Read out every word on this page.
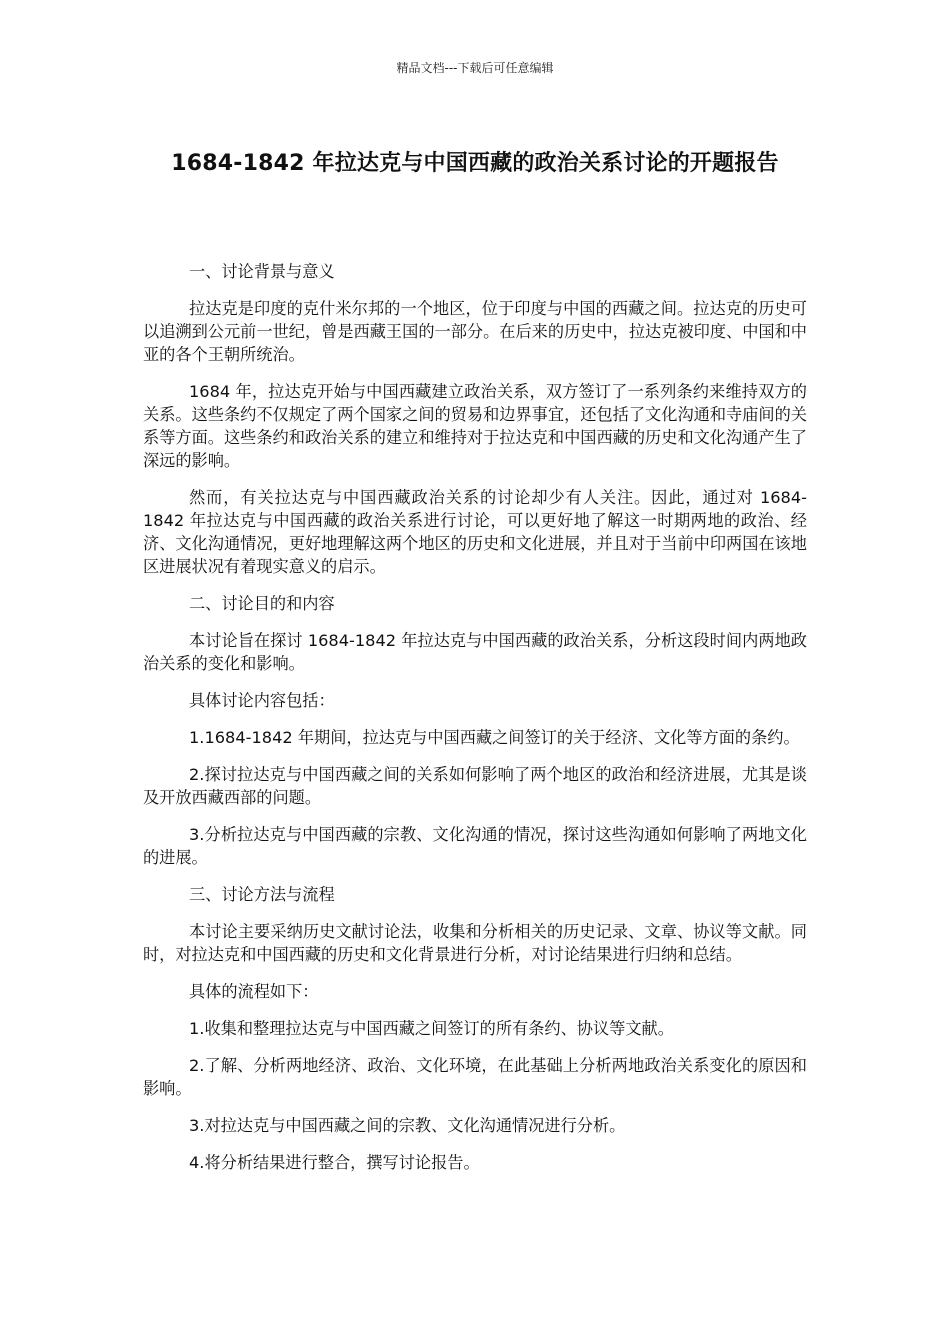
精品文档---下载后可任意编辑
1684-1842 年拉达克与中国西藏的政治关系讨论的开题报告

一、讨论背景与意义

拉达克是印度的克什米尔邦的一个地区，位于印度与中国的西藏之间。拉达克的历史可以追溯到公元前一世纪，曾是西藏王国的一部分。在后来的历史中，拉达克被印度、中国和中亚的各个王朝所统治。

1684 年，拉达克开始与中国西藏建立政治关系，双方签订了一系列条约来维持双方的关系。这些条约不仅规定了两个国家之间的贸易和边界事宜，还包括了文化沟通和寺庙间的关系等方面。这些条约和政治关系的建立和维持对于拉达克和中国西藏的历史和文化沟通产生了深远的影响。

然而，有关拉达克与中国西藏政治关系的讨论却少有人关注。因此，通过对 1684-1842 年拉达克与中国西藏的政治关系进行讨论，可以更好地了解这一时期两地的政治、经济、文化沟通情况，更好地理解这两个地区的历史和文化进展，并且对于当前中印两国在该地区进展状况有着现实意义的启示。

二、讨论目的和内容

本讨论旨在探讨 1684-1842 年拉达克与中国西藏的政治关系，分析这段时间内两地政治关系的变化和影响。

具体讨论内容包括：

1.1684-1842 年期间，拉达克与中国西藏之间签订的关于经济、文化等方面的条约。

2.探讨拉达克与中国西藏之间的关系如何影响了两个地区的政治和经济进展，尤其是谈及开放西藏西部的问题。

3.分析拉达克与中国西藏的宗教、文化沟通的情况，探讨这些沟通如何影响了两地文化的进展。

三、讨论方法与流程

本讨论主要采纳历史文献讨论法，收集和分析相关的历史记录、文章、协议等文献。同时，对拉达克和中国西藏的历史和文化背景进行分析，对讨论结果进行归纳和总结。

具体的流程如下：

1.收集和整理拉达克与中国西藏之间签订的所有条约、协议等文献。

2.了解、分析两地经济、政治、文化环境，在此基础上分析两地政治关系变化的原因和影响。

3.对拉达克与中国西藏之间的宗教、文化沟通情况进行分析。

4.将分析结果进行整合，撰写讨论报告。
